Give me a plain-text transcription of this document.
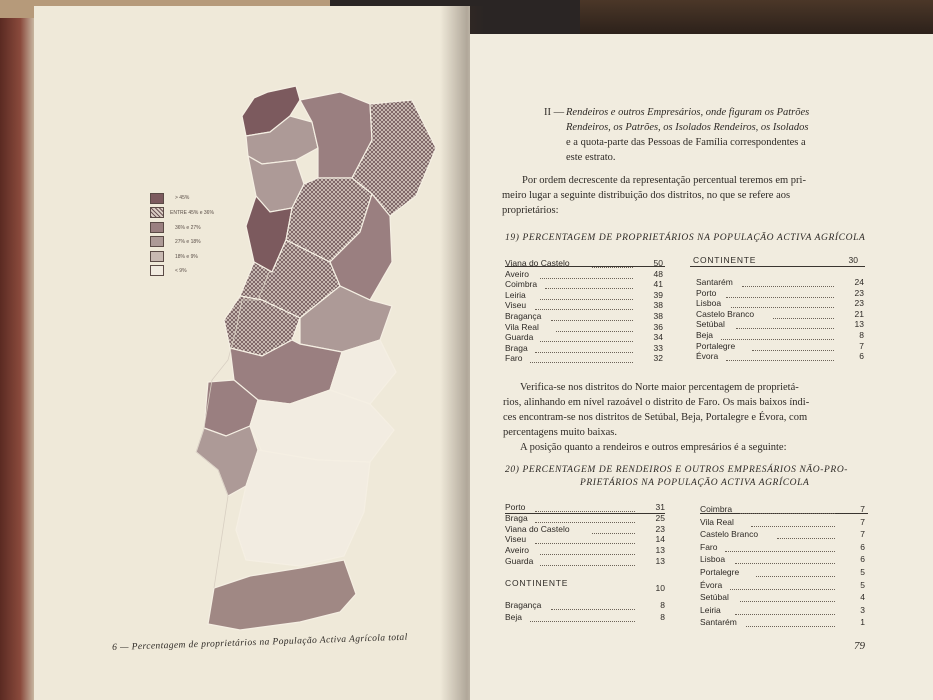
> 45%
ENTRE 45% e 36%
36% e 27%
27% e 18%
18% e 9%
< 9%
6 — Percentagem de proprietários na População Activa Agrícola total
II — Rendeiros e outros Empresários, onde figuram os Patrões
Rendeiros, os Patrões, os Isolados Rendeiros, os Isolados
e a quota-parte das Pessoas de Família correspondentes a
este estrato.
Por ordem decrescente da representação percentual teremos em pri-
meiro lugar a seguinte distribuição dos distritos, no que se refere aos
proprietários:
19) PERCENTAGEM DE PROPRIETÁRIOS NA POPULAÇÃO ACTIVA AGRÍCOLA
Viana do Castelo	50
Aveiro	48
Coimbra	41
Leiria	39
Viseu	38
Bragança	38
Vila Real	36
Guarda	34
Braga	33
Faro	32
CONTINENTE	30
Santarém	24
Porto	23
Lisboa	23
Castelo Branco	21
Setúbal	13
Beja	8
Portalegre	7
Évora	6
Verifica-se nos distritos do Norte maior percentagem de proprietá-
rios, alinhando em nível razoável o distrito de Faro. Os mais baixos índi-
ces encontram-se nos distritos de Setúbal, Beja, Portalegre e Évora, com
percentagens muito baixas.
A posição quanto a rendeiros e outros empresários é a seguinte:
20) PERCENTAGEM DE RENDEIROS E OUTROS EMPRESÁRIOS NÃO-PRO-
PRIETÁRIOS NA POPULAÇÃO ACTIVA AGRÍCOLA
Porto	31
Braga	25
Viana do Castelo	23
Viseu	14
Aveiro	13
Guarda	13
CONTINENTE	10
Bragança	8
Beja	8
Coimbra	7
Vila Real	7
Castelo Branco	7
Faro	6
Lisboa	6
Portalegre	5
Évora	5
Setúbal	4
Leiria	3
Santarém	1
79
